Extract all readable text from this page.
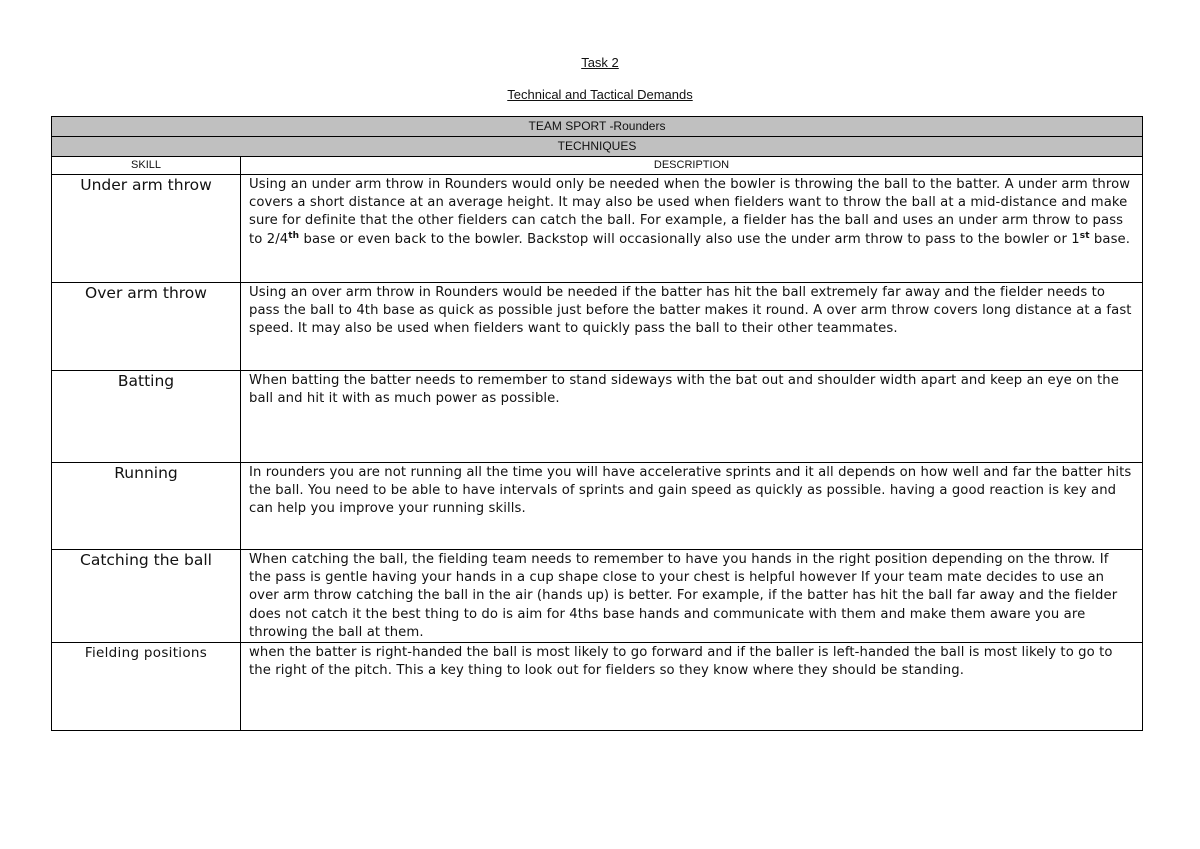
Task 2
Technical and Tactical Demands
TEAM SPORT -Rounders	
TECHNIQUES	
SKILL	DESCRIPTION
Under arm throw	Using an under arm throw in Rounders would only be needed when the bowler is throwing the ball to the batter. A under arm throw covers a short distance at an average height. It may also be used when fielders want to throw the ball at a mid-distance and make sure for definite that the other fielders can catch the ball. For example, a fielder has the ball and uses an under arm throw to pass to 2/4th base or even back to the bowler. Backstop will occasionally also use the under arm throw to pass to the bowler or 1st base.
Over arm throw	Using an over arm throw in Rounders would be needed if the batter has hit the ball extremely far away and the fielder needs to pass the ball to 4th base as quick as possible just before the batter makes it round. A over arm throw covers long distance at a fast speed. It may also be used when fielders want to quickly pass the ball to their other teammates.
Batting	When batting the batter needs to remember to stand sideways with the bat out and shoulder width apart and keep an eye on the ball and hit it with as much power as possible.
Running	In rounders you are not running all the time you will have accelerative sprints and it all depends on how well and far the batter hits the ball. You need to be able to have intervals of sprints and gain speed as quickly as possible. having a good reaction is key and can help you improve your running skills.
Catching the ball	When catching the ball, the fielding team needs to remember to have you hands in the right position depending on the throw. If the pass is gentle having your hands in a cup shape close to your chest is helpful however If your team mate decides to use an over arm throw catching the ball in the air (hands up) is better. For example, if the batter has hit the ball far away and the fielder does not catch it the best thing to do is aim for 4ths base hands and communicate with them and make them aware you are throwing the ball at them.
Fielding positions	when the batter is right-handed the ball is most likely to go forward and if the baller is left-handed the ball is most likely to go to the right of the pitch. This a key thing to look out for fielders so they know where they should be standing.
